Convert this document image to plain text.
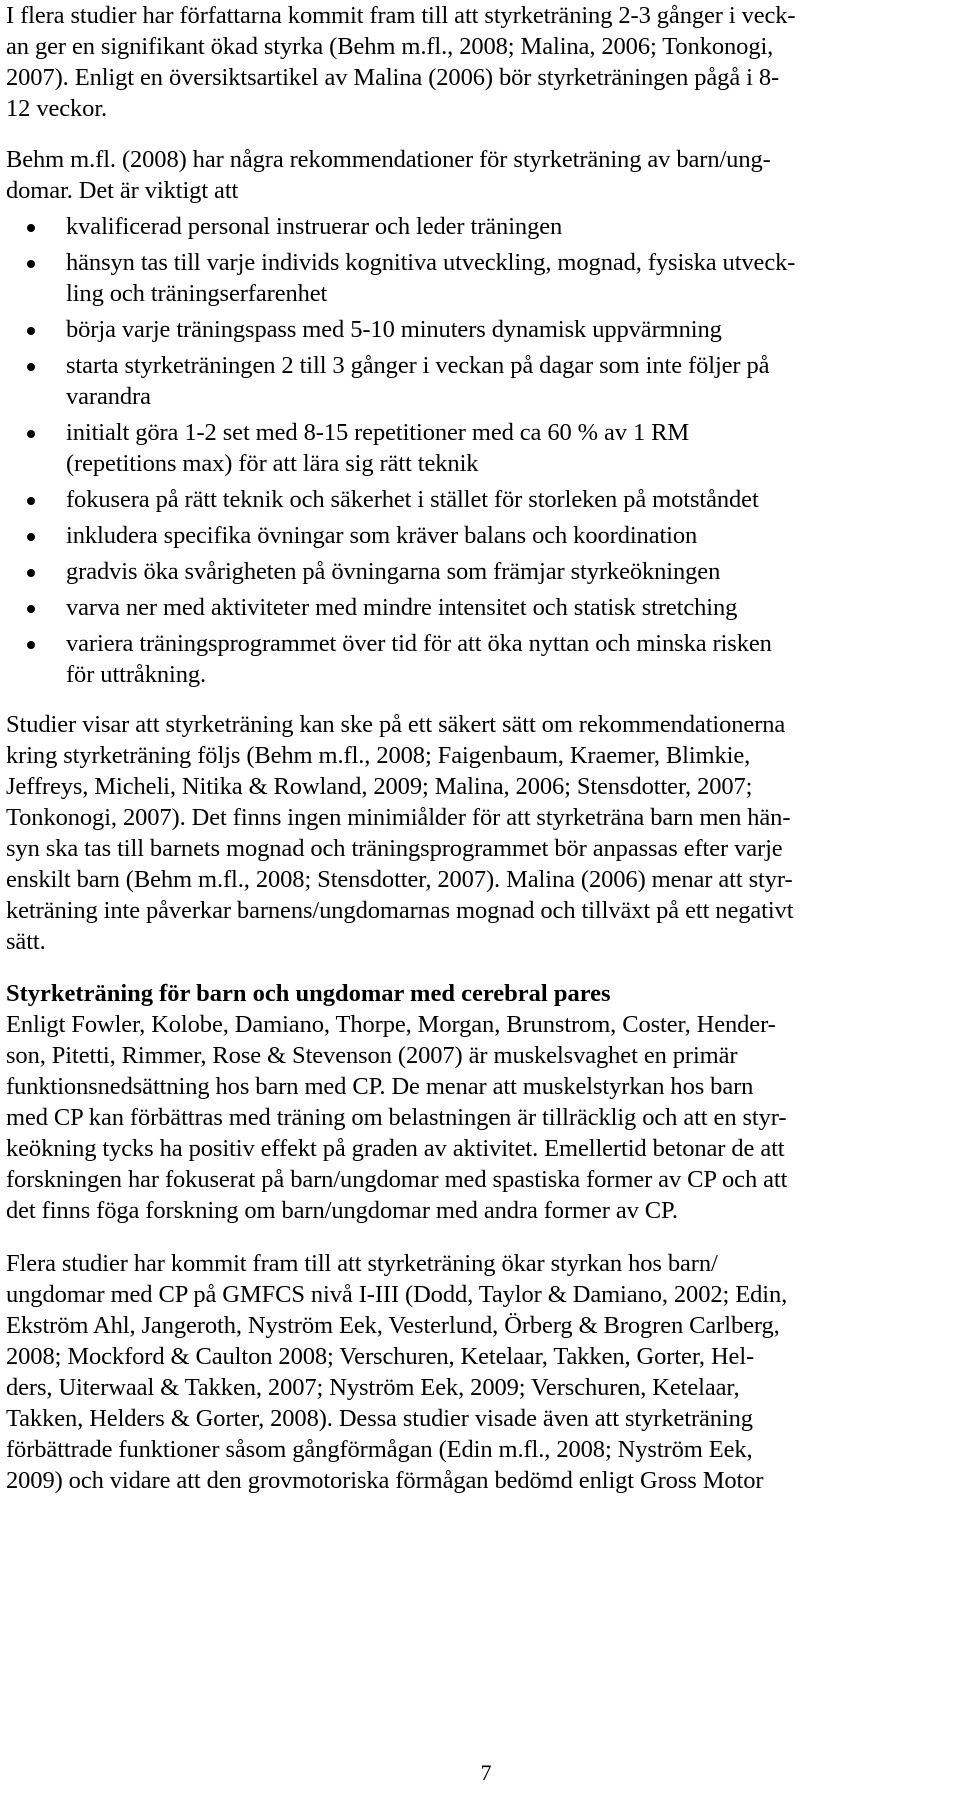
I flera studier har författarna kommit fram till att styrketräning 2-3 gånger i veck-
an ger en signifikant ökad styrka (Behm m.fl., 2008; Malina, 2006; Tonkonogi,
2007). Enligt en översiktsartikel av Malina (2006) bör styrketräningen pågå i 8-
12 veckor.
Behm m.fl. (2008) har några rekommendationer för styrketräning av barn/ung-
domar. Det är viktigt att
kvalificerad personal instruerar och leder träningen
hänsyn tas till varje individs kognitiva utveckling, mognad, fysiska utveck-
ling och träningserfarenhet
börja varje träningspass med 5-10 minuters dynamisk uppvärmning
starta styrketräningen 2 till 3 gånger i veckan på dagar som inte följer på
varandra
initialt göra 1-2 set med 8-15 repetitioner med ca 60 % av 1 RM
(repetitions max) för att lära sig rätt teknik
fokusera på rätt teknik och säkerhet i stället för storleken på motståndet
inkludera specifika övningar som kräver balans och koordination
gradvis öka svårigheten på övningarna som främjar styrkeökningen
varva ner med aktiviteter med mindre intensitet och statisk stretching
variera träningsprogrammet över tid för att öka nyttan och minska risken
för uttråkning.
Studier visar att styrketräning kan ske på ett säkert sätt om rekommendationerna
kring styrketräning följs (Behm m.fl., 2008; Faigenbaum, Kraemer, Blimkie,
Jeffreys, Micheli, Nitika & Rowland, 2009; Malina, 2006; Stensdotter, 2007;
Tonkonogi, 2007). Det finns ingen minimiålder för att styrketräna barn men hän-
syn ska tas till barnets mognad och träningsprogrammet bör anpassas efter varje
enskilt barn (Behm m.fl., 2008; Stensdotter, 2007). Malina (2006) menar att styr-
keträning inte påverkar barnens/ungdomarnas mognad och tillväxt på ett negativt
sätt.
Styrketräning för barn och ungdomar med cerebral pares
Enligt Fowler, Kolobe, Damiano, Thorpe, Morgan, Brunstrom, Coster, Hender-
son, Pitetti, Rimmer, Rose & Stevenson (2007) är muskelsvaghet en primär
funktionsnedsättning hos barn med CP. De menar att muskelstyrkan hos barn
med CP kan förbättras med träning om belastningen är tillräcklig och att en styr-
keökning tycks ha positiv effekt på graden av aktivitet. Emellertid betonar de att
forskningen har fokuserat på barn/ungdomar med spastiska former av CP och att
det finns föga forskning om barn/ungdomar med andra former av CP.
Flera studier har kommit fram till att styrketräning ökar styrkan hos barn/
ungdomar med CP på GMFCS nivå I-III (Dodd, Taylor & Damiano, 2002; Edin,
Ekström Ahl, Jangeroth, Nyström Eek, Vesterlund, Örberg & Brogren Carlberg,
2008; Mockford & Caulton 2008; Verschuren, Ketelaar, Takken, Gorter, Hel-
ders, Uiterwaal & Takken, 2007; Nyström Eek, 2009; Verschuren, Ketelaar,
Takken, Helders & Gorter, 2008). Dessa studier visade även att styrketräning
förbättrade funktioner såsom gångförmågan (Edin m.fl., 2008; Nyström Eek,
2009) och vidare att den grovmotoriska förmågan bedömd enligt Gross Motor
7
